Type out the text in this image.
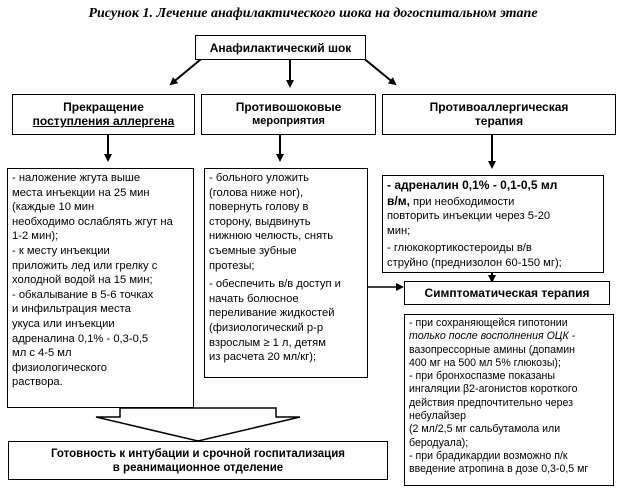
Рисунок 1. Лечение анафилактического шока на догоспитальном этапе
Анафилактический шок
Прекращение
поступления аллергена
Противошоковые
мероприятия
Противоаллергическая
терапия

- наложение жгута выше

места инъекции на 25 мин

(каждые 10 мин

необходимо ослаблять жгут на

1-2 мин);

- к месту инъекции

приложить лед или грелку с

холодной водой на 15 мин;

- обкалывание в 5-6 точках

и инфильтрация места

укуса или инъекции

адреналина 0,1% - 0,3-0,5

мл с 4-5 мл

физиологического

раствора.

- больного уложить

(голова ниже ног),

повернуть голову в

сторону, выдвинуть

нижнюю челюсть, снять

съемные зубные

протезы;

- обеспечить в/в доступ и

начать болюсное

переливание жидкостей

(физиологический р-р

взрослым ≥ 1 л, детям

из расчета 20 мл/кг);

- адреналин 0,1% - 0,1-0,5 мл

в/м, при необходимости

повторить инъекции через 5-20

мин;

- глюкокортикостероиды в/в

струйно (преднизолон 60-150 мг);

Симптоматическая терапия

- при сохраняющейся гипотонии

только после восполнения ОЦК -

вазопрессорные амины (допамин

400 мг на 500 мл 5% глюкозы);

- при бронхоспазме показаны

ингаляции β2-агонистов короткого

действия предпочтительно через

небулайзер

(2 мл/2,5 мг сальбутамола или

беродуала);

- при брадикардии возможно п/к

введение атропина в дозе 0,3-0,5 мг

Готовность к интубации и срочной госпитализация
в реанимационное отделение
